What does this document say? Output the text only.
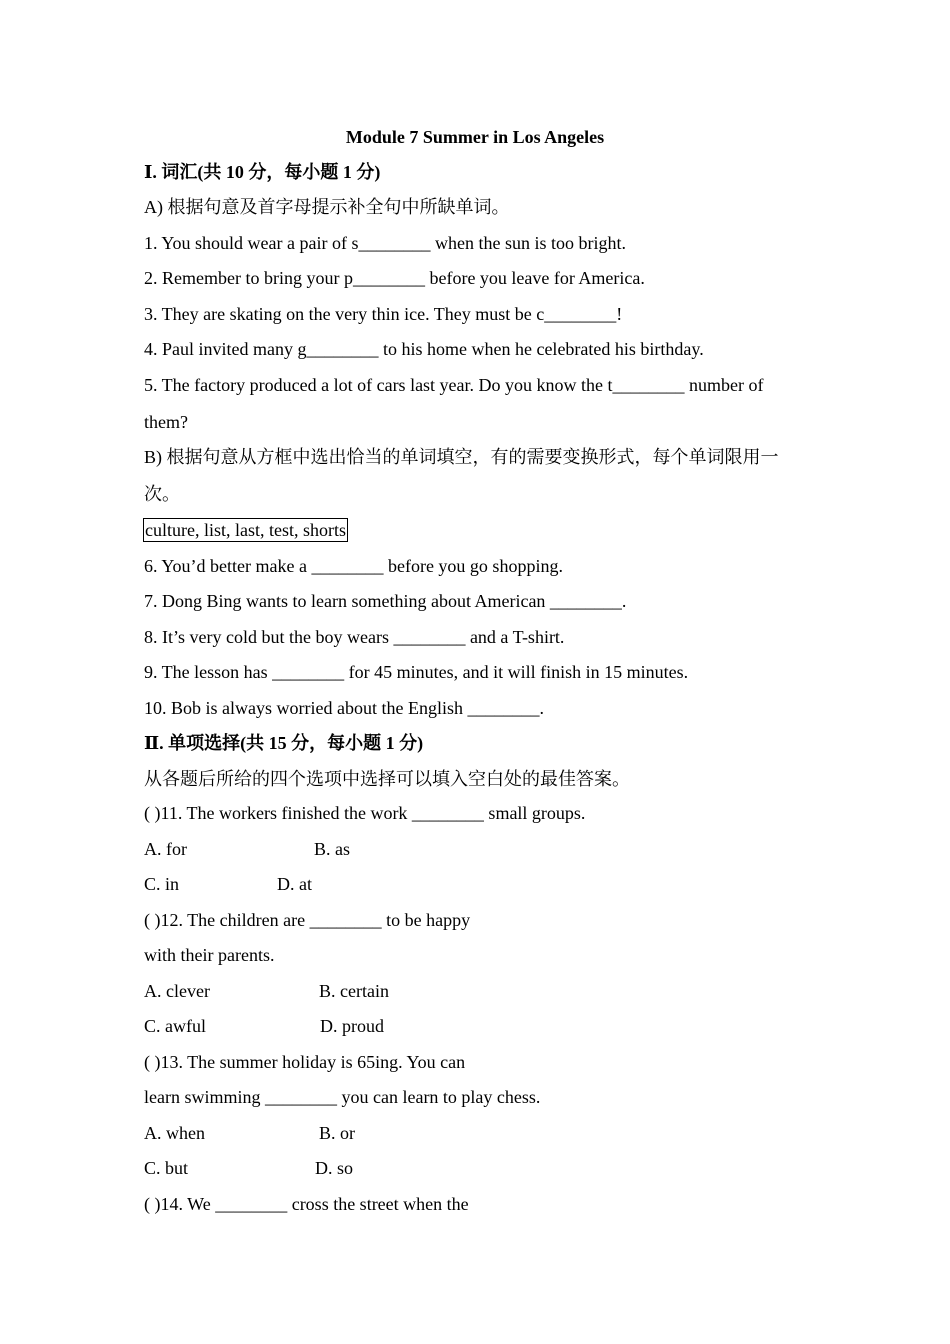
Module 7 Summer in Los Angeles
Ⅰ. 词汇(共 10 分，每小题 1 分)
A) 根据句意及首字母提示补全句中所缺单词。
1. You should wear a pair of s________ when the sun is too bright.
2. Remember to bring your p________ before you leave for America.
3. They are skating on the very thin ice. They must be c________!
4. Paul invited many g________ to his home when he celebrated his birthday.
5. The factory produced a lot of cars last year. Do you know the t________ number of
them?
B) 根据句意从方框中选出恰当的单词填空，有的需要变换形式，每个单词限用一
次。
culture, list, last, test, shorts
6. You’d better make a ________ before you go shopping.
7. Dong Bing wants to learn something about American ________.
8. It’s very cold but the boy wears ________ and a T-shirt.
9. The lesson has ________ for 45 minutes, and it will finish in 15 minutes.
10. Bob is always worried about the English ________.
Ⅱ. 单项选择(共 15 分，每小题 1 分)
从各题后所给的四个选项中选择可以填入空白处的最佳答案。
( )11. The workers finished the work ________ small groups.
A. for	B. as
C. in	D. at
( )12. The children are ________ to be happy
with their parents.
A. clever	B. certain
C. awful	D. proud
( )13. The summer holiday is 65ing. You can
learn swimming ________ you can learn to play chess.
A. when	B. or
C. but	D. so
( )14. We ________ cross the street when the
